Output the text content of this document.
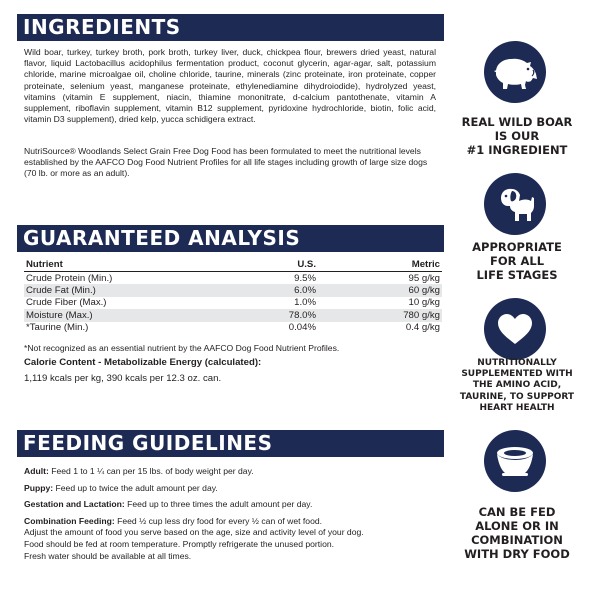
INGREDIENTS

Wild boar, turkey, turkey broth, pork broth, turkey liver, duck, chickpea flour, brewers dried yeast, natural flavor, liquid Lactobacillus acidophilus fermentation product, coconut glycerin, agar-agar, salt, potassium chloride, marine microalgae oil, choline chloride, taurine, minerals (zinc proteinate, iron proteinate, copper proteinate, selenium yeast, manganese proteinate, ethylenediamine dihydroiodide), hydrolyzed yeast, vitamins (vitamin E supplement, niacin, thiamine mononitrate, d-calcium pantothenate, vitamin A supplement, riboflavin supplement, vitamin B12 supplement, pyridoxine hydrochloride, biotin, folic acid, vitamin D3 supplement), dried kelp, yucca schidigera extract.

NutriSource® Woodlands Select Grain Free Dog Food has been formulated to meet the nutritional levels established by the AAFCO Dog Food Nutrient Profiles for all life stages including growth of large size dogs (70 lb. or more as an adult).

GUARANTEED ANALYSIS
Nutrient	U.S.	Metric
Crude Protein (Min.)	9.5%	95 g/kg
Crude Fat (Min.)	6.0%	60 g/kg
Crude Fiber (Max.)	1.0%	10 g/kg
Moisture (Max.)	78.0%	780 g/kg
*Taurine (Min.)	0.04%	0.4 g/kg

*Not recognized as an essential nutrient by the AAFCO Dog Food Nutrient Profiles.

Calorie Content - Metabolizable Energy (calculated):

1,119 kcals per kg, 390 kcals per 12.3 oz. can.

FEEDING GUIDELINES
Adult: Feed 1 to 1 ¼ can per 15 lbs. of body weight per day.
Puppy: Feed up to twice the adult amount per day.
Gestation and Lactation: Feed up to three times the adult amount per day.
Combination Feeding: Feed ½ cup less dry food for every ½ can of wet food.
Adjust the amount of food you serve based on the age, size and activity level of your dog.
Food should be fed at room temperature. Promptly refrigerate the unused portion.
Fresh water should be available at all times.

REAL WILD BOAR
IS OUR
#1 INGREDIENT

APPROPRIATE
FOR ALL
LIFE STAGES

NUTRITIONALLY
SUPPLEMENTED WITH
THE AMINO ACID,
TAURINE, TO SUPPORT
HEART HEALTH

CAN BE FED
ALONE OR IN
COMBINATION
WITH DRY FOOD
